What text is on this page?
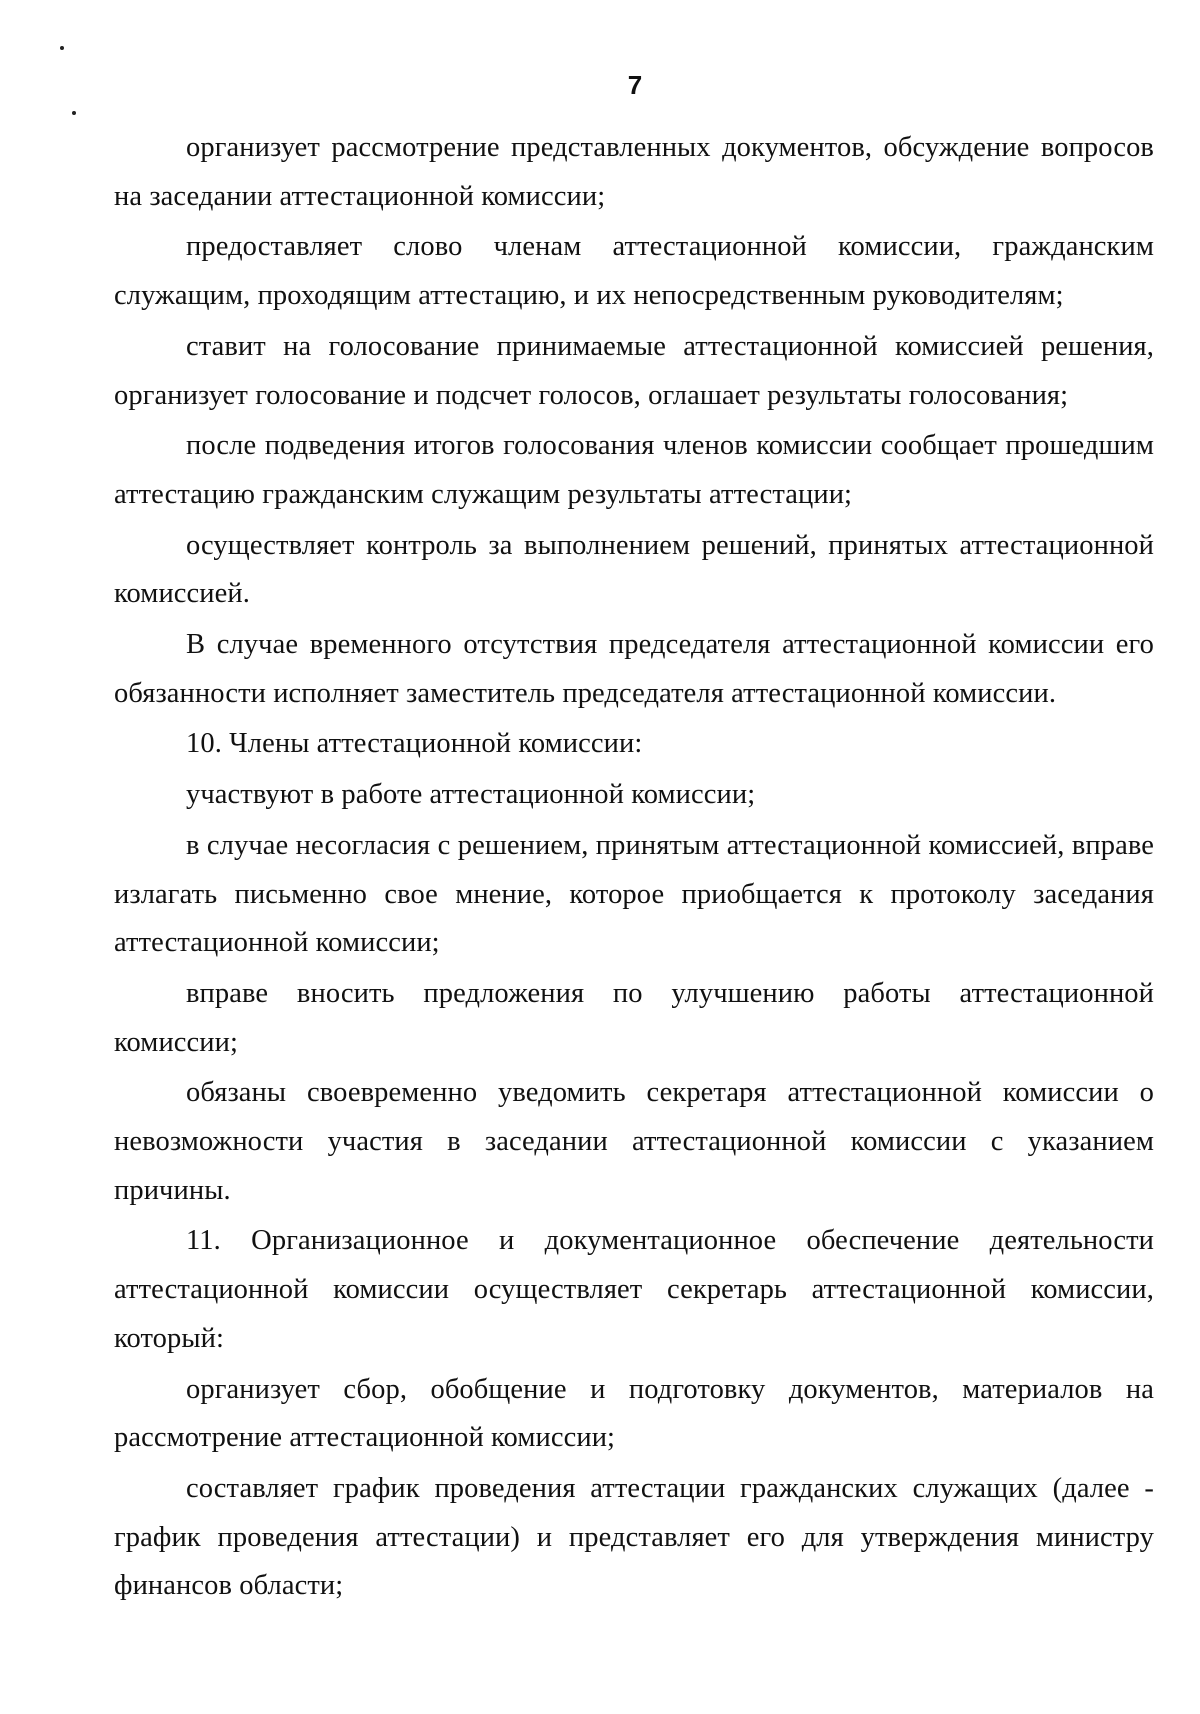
7

организует рассмотрение представленных документов, обсуждение вопросов на заседании аттестационной комиссии;

предоставляет слово членам аттестационной комиссии, гражданским служащим, проходящим аттестацию, и их непосредственным руководителям;

ставит на голосование принимаемые аттестационной комиссией решения, организует голосование и подсчет голосов, оглашает результаты голосования;

после подведения итогов голосования членов комиссии сообщает прошедшим аттестацию гражданским служащим результаты аттестации;

осуществляет контроль за выполнением решений, принятых аттестационной комиссией.

В случае временного отсутствия председателя аттестационной комиссии его обязанности исполняет заместитель председателя аттестационной комиссии.

10. Члены аттестационной комиссии:

участвуют в работе аттестационной комиссии;

в случае несогласия с решением, принятым аттестационной комиссией, вправе излагать письменно свое мнение, которое приобщается к протоколу заседания аттестационной комиссии;

вправе вносить предложения по улучшению работы аттестационной комиссии;

обязаны своевременно уведомить секретаря аттестационной комиссии о невозможности участия в заседании аттестационной комиссии с указанием причины.

11. Организационное и документационное обеспечение деятельности аттестационной комиссии осуществляет секретарь аттестационной комиссии, который:

организует сбор, обобщение и подготовку документов, материалов на рассмотрение аттестационной комиссии;

составляет график проведения аттестации гражданских служащих (далее - график проведения аттестации) и представляет его для утверждения министру финансов области;
